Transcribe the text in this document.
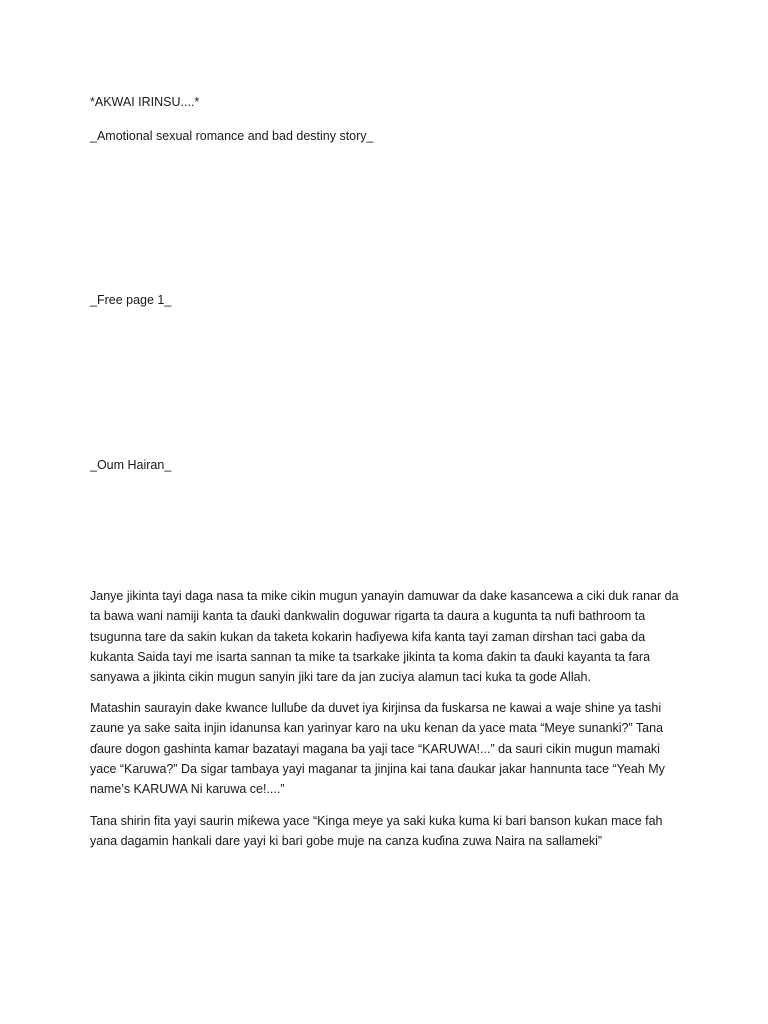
*AKWAI IRINSU....*
_Amotional sexual romance and bad destiny story_
_Free page 1_
_Oum Hairan_
Janye jikinta tayi daga nasa ta mike cikin mugun yanayin damuwar da dake kasancewa a ciki duk ranar da ta bawa wani namiji kanta ta ɗauki dankwalin doguwar rigarta ta daura a kugunta ta nufi bathroom ta tsugunna tare da sakin kukan da taketa kokarin haɗiyewa kifa kanta tayi zaman dirshan taci gaba da kukanta Saida tayi me isarta sannan ta mike ta tsarkake jikinta ta koma ɗakin ta ɗauki kayanta ta fara sanyawa a jikinta cikin mugun sanyin jiki tare da jan zuciya alamun taci kuka ta gode Allah.
Matashin saurayin dake kwance lulluɓe da duvet iya ƙirjinsa da fuskarsa ne kawai a waje shine ya tashi zaune ya sake saita injin idanunsa kan yarinyar karo na uku kenan da yace mata “Meye sunanki?” Tana ɗaure dogon gashinta kamar bazatayi magana ba yaji tace “KARUWA!...” da sauri cikin mugun mamaki yace “Karuwa?” Da sigar tambaya yayi maganar ta jinjina kai tana ɗaukar jakar hannunta tace “Yeah My name’s KARUWA Ni karuwa ce!....”
Tana shirin fita yayi saurin miƙewa yace “Kinga meye ya saki kuka kuma ki bari banson kukan mace fah yana dagamin hankali dare yayi ki bari gobe muje na canza kuɗina zuwa Naira na sallameki”
